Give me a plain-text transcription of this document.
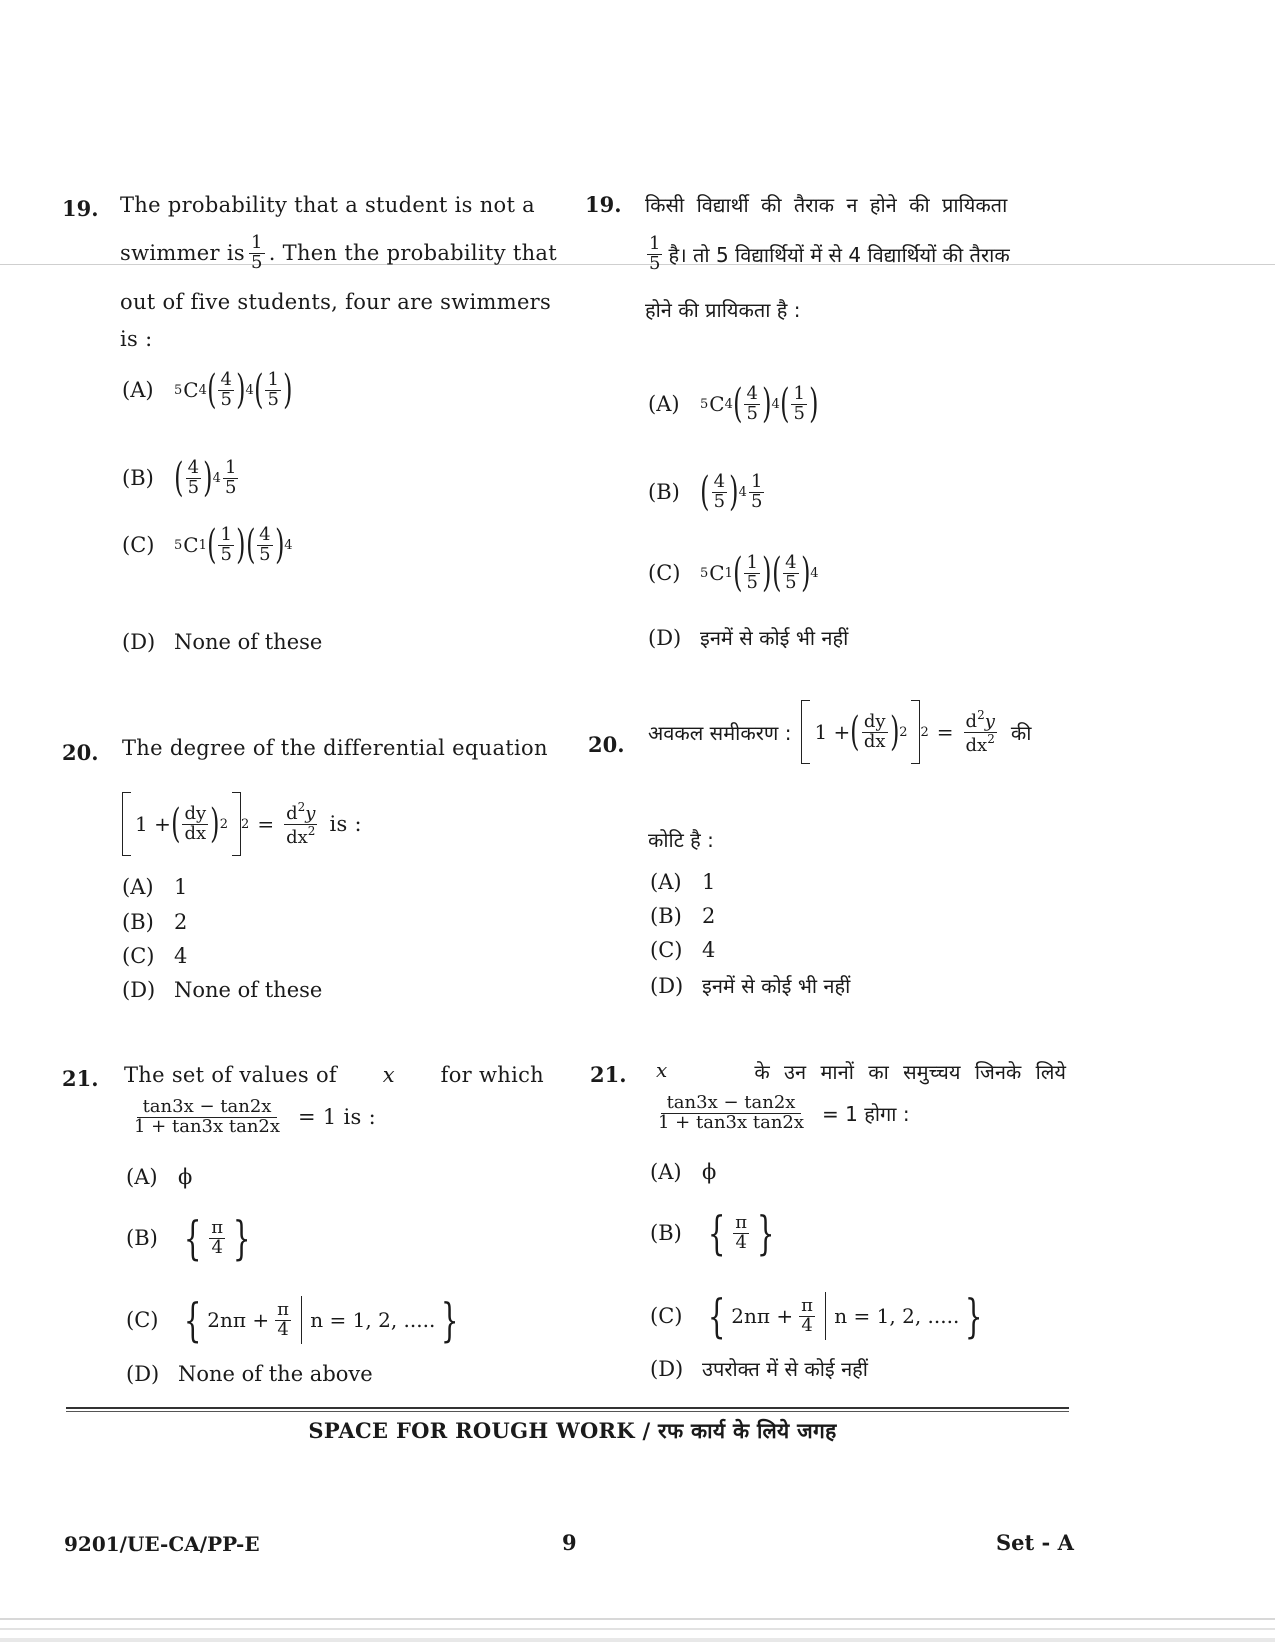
19. The probability that a student is not a
swimmer is $\frac{1}{5}$ . Then the probability that
out of five students, four are swimmers
is :
(A)	5 C 4 ( $\frac{4}{5}$ ) 4 ( $\frac{1}{5}$ )
(B) ( $\frac{4}{5}$ ) $4 \frac{1}{5}$
(C)	5 C 1 ( $\frac{1}{5}$ ) ( $\frac{4}{5}$ ) 4
(D) None of these
19. किसी विद्यार्थी की तैराक न होने की प्रायिकता
$\frac{1}{5}$ है। तो 5 विद्यार्थियों में से 4 विद्यार्थियों की तैराक
होने की प्रायिकता है :
(A)	5 C 4 ( $\frac{4}{5}$ ) 4 ( $\frac{1}{5}$ )
(B) ( $\frac{4}{5}$ ) $4 \frac{1}{5}$
(C)	5 C 1 ( $\frac{1}{5}$ ) ( $\frac{4}{5}$ ) 4
(D) इनमें से कोई भी नहीं
20. The degree of the differential equation
1 + ( $\frac{dy}{dx}$ ) 2 $2 = \frac{d^2y}{dx^2}$ is :
(A) 1
(B) 2
(C) 4
(D) None of these
20. अवकल समीकरण : 1 + ( $\frac{dy}{dx}$ ) 2 $2 = \frac{d^2y}{dx^2}$ की
कोटि है :
(A) 1
(B) 2
(C) 4
(D) इनमें से कोई भी नहीं
21. The set of values of x for which
$\frac{\tan 3x - \tan 2x}{\text{1 + tan3x tan2x}} = 1$ is :
(A) ϕ
(B) { $\frac{\pi}{4}$ }
(C) { $2n\pi + \frac{\pi}{4}$ n = 1, 2, ..... }
(D) None of the above
21. x	के उन मानों का समुच्चय जिनके लिये
$\frac{\tan 3x - \tan 2x}{\text{1 + tan3x tan2x}} = 1$ होगा :
(A) ϕ
(B) { $\frac{\pi}{4}$ }
(C) { $2n\pi + \frac{\pi}{4}$ n = 1, 2, ..... }
(D) उपरोक्त में से कोई नहीं
SPACE FOR ROUGH WORK / रफ कार्य के लिये जगह
9201/UE-CA/PP-E	9	Set - A
